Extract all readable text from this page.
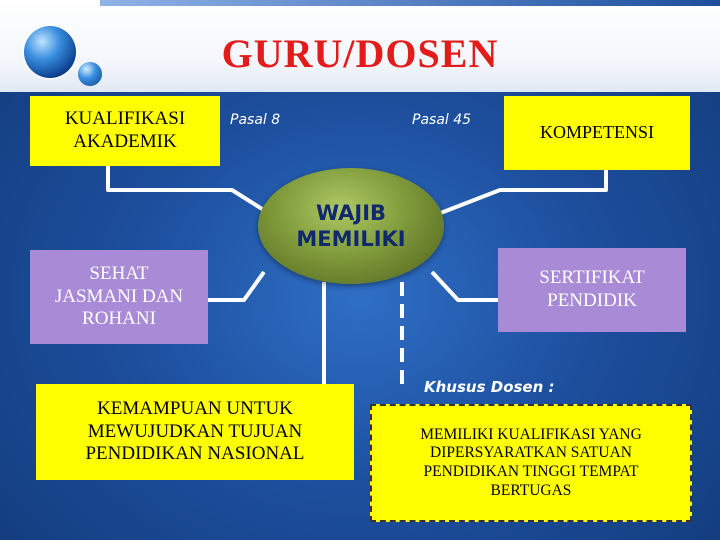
GURU/DOSEN
KUALIFIKASI
AKADEMIK
Pasal 8	Pasal 45
KOMPETENSI
WAJIB
MEMILIKI
SEHAT
JASMANI DAN
ROHANI
SERTIFIKAT
PENDIDIK
KEMAMPUAN UNTUK
MEWUJUDKAN TUJUAN
PENDIDIKAN NASIONAL
Khusus Dosen :
MEMILIKI KUALIFIKASI YANG
DIPERSYARATKAN SATUAN
PENDIDIKAN TINGGI TEMPAT
BERTUGAS
